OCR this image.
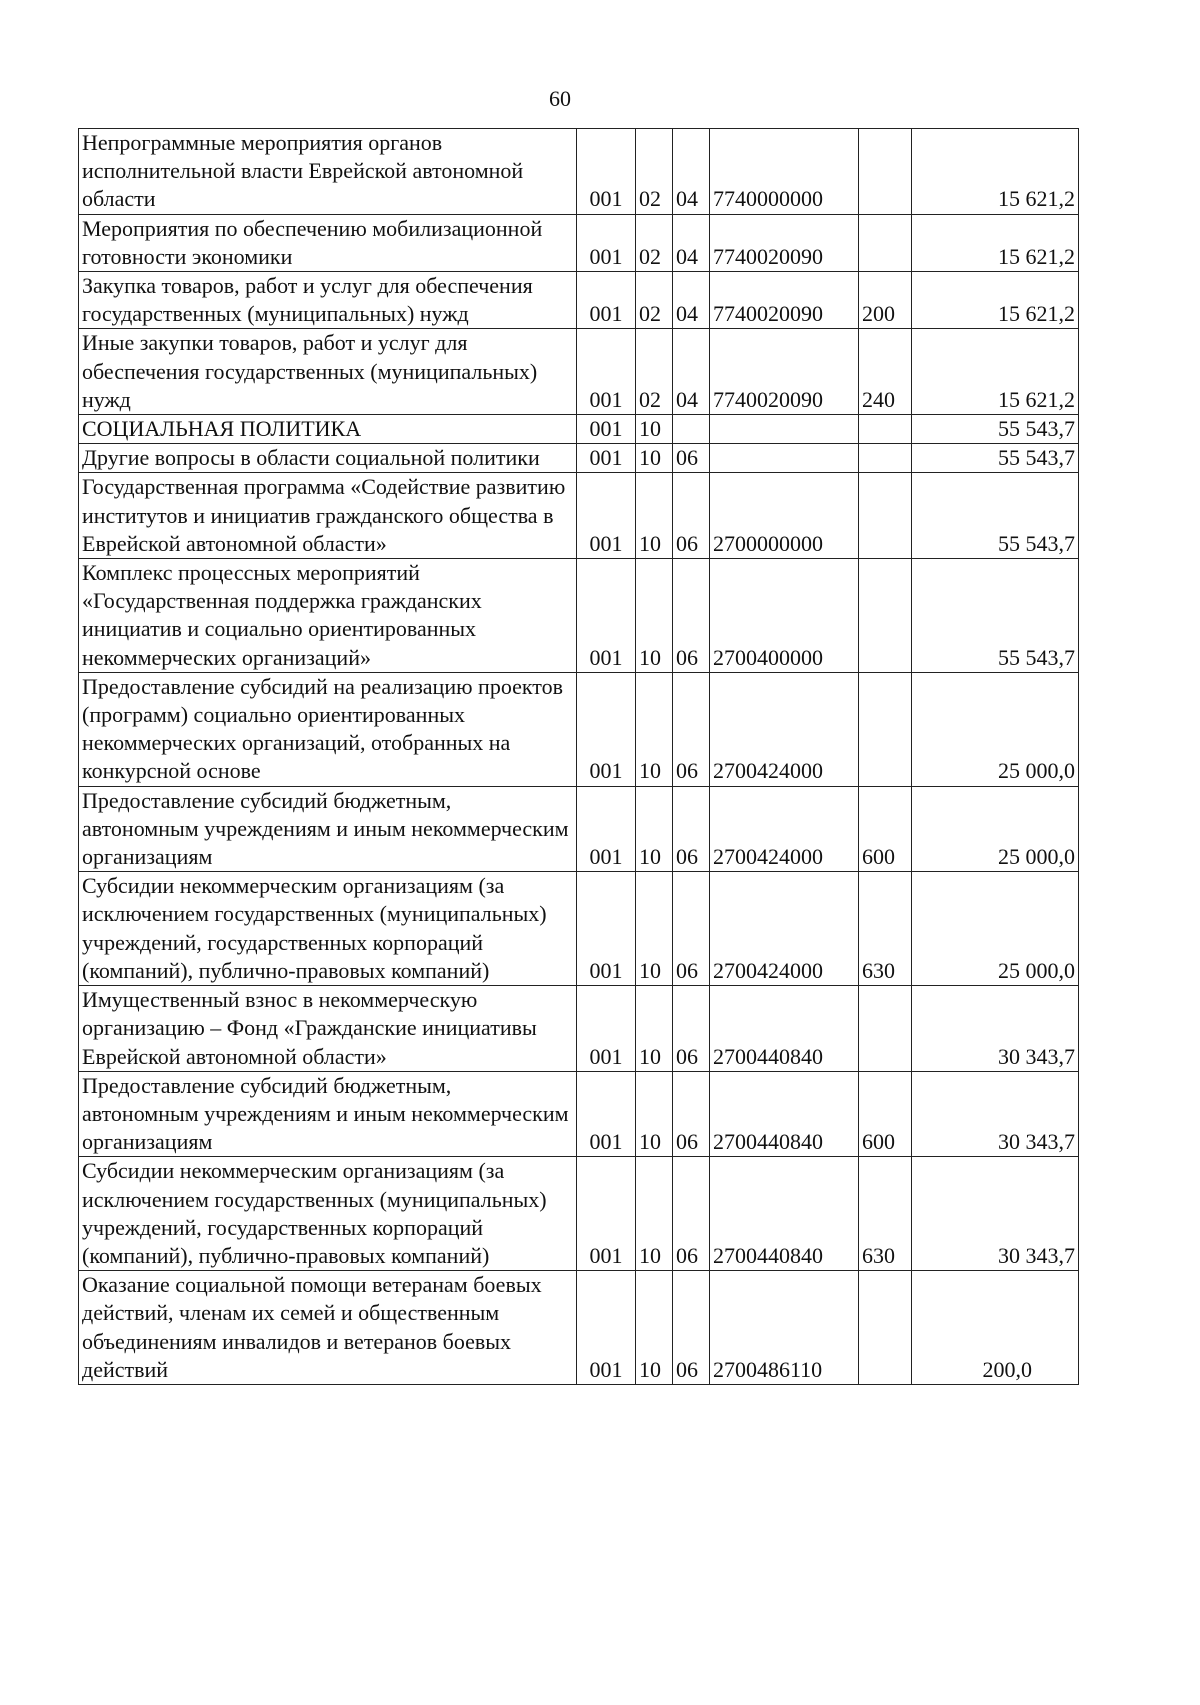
60
Непрограммные мероприятия органов исполнительной власти Еврейской автономной области	001	02	04	7740000000		15 621,2
Мероприятия по обеспечению мобилизационной готовности экономики	001	02	04	7740020090		15 621,2
Закупка товаров, работ и услуг для обеспечения государственных (муниципальных) нужд	001	02	04	7740020090	200	15 621,2
Иные закупки товаров, работ и услуг для обеспечения государственных (муниципальных) нужд	001	02	04	7740020090	240	15 621,2
СОЦИАЛЬНАЯ ПОЛИТИКА	001	10				55 543,7
Другие вопросы в области социальной политики	001	10	06			55 543,7
Государственная программа «Содействие развитию институтов и инициатив гражданского общества в Еврейской автономной области»	001	10	06	2700000000		55 543,7
Комплекс процессных мероприятий «Государственная поддержка гражданских инициатив и социально ориентированных некоммерческих организаций»	001	10	06	2700400000		55 543,7
Предоставление субсидий на реализацию проектов (программ) социально ориентированных некоммерческих организаций, отобранных на конкурсной основе	001	10	06	2700424000		25 000,0
Предоставление субсидий бюджетным, автономным учреждениям и иным некоммерческим организациям	001	10	06	2700424000	600	25 000,0
Субсидии некоммерческим организациям (за исключением государственных (муниципальных) учреждений, государственных корпораций (компаний), публично-правовых компаний)	001	10	06	2700424000	630	25 000,0
Имущественный взнос в некоммерческую организацию – Фонд «Гражданские инициативы Еврейской автономной области»	001	10	06	2700440840		30 343,7
Предоставление субсидий бюджетным, автономным учреждениям и иным некоммерческим организациям	001	10	06	2700440840	600	30 343,7
Субсидии некоммерческим организациям (за исключением государственных (муниципальных) учреждений, государственных корпораций (компаний), публично-правовых компаний)	001	10	06	2700440840	630	30 343,7
Оказание социальной помощи ветеранам боевых действий, членам их семей и общественным объединениям инвалидов и ветеранов боевых действий	001	10	06	2700486110		200,0
